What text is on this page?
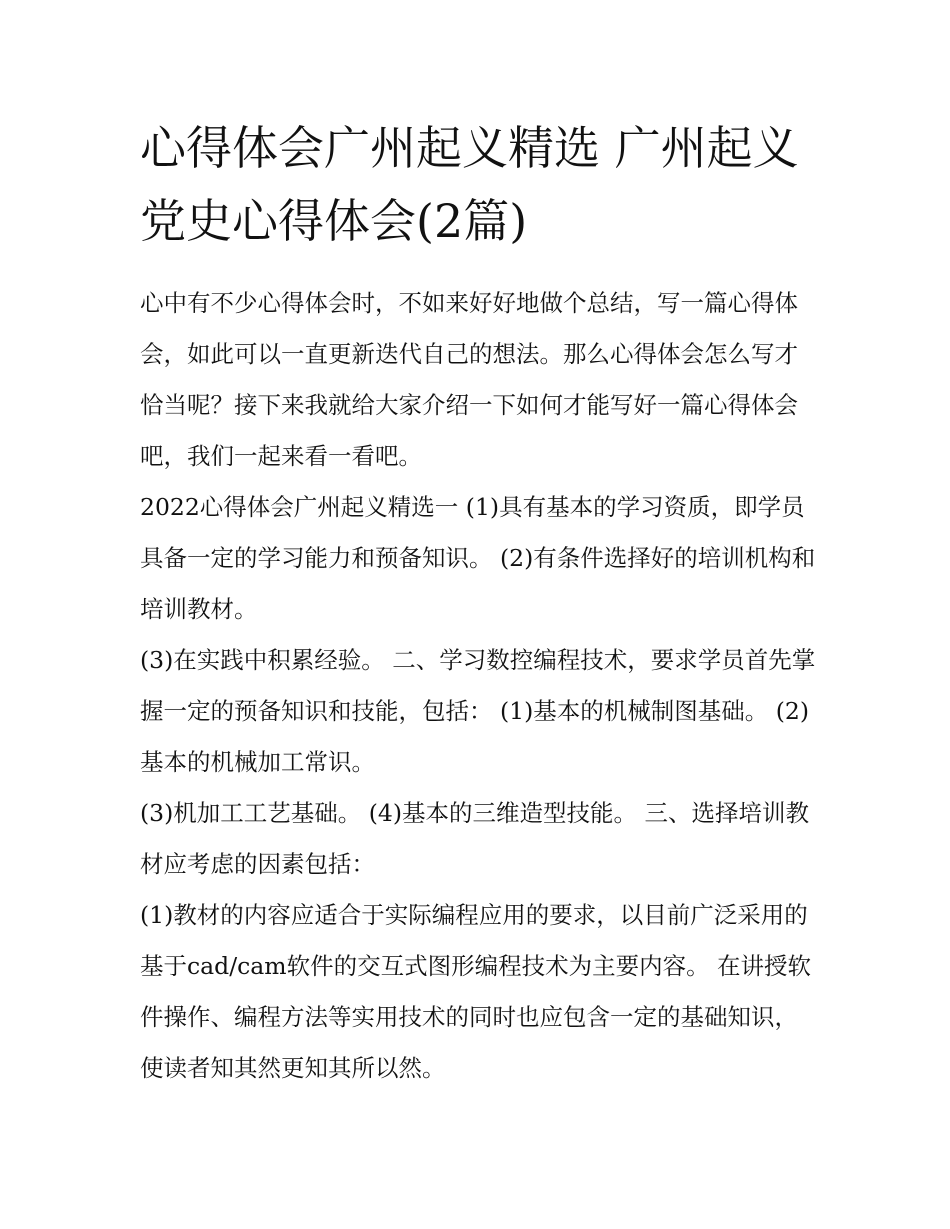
心得体会广州起义精选 广州起义党史心得体会(2篇)

心中有不少心得体会时，不如来好好地做个总结，写一篇心得体会，如此可以一直更新迭代自己的想法。那么心得体会怎么写才恰当呢？接下来我就给大家介绍一下如何才能写好一篇心得体会吧，我们一起来看一看吧。

2022心得体会广州起义精选一 (1)具有基本的学习资质，即学员具备一定的学习能力和预备知识。 (2)有条件选择好的培训机构和培训教材。

(3)在实践中积累经验。 二、学习数控编程技术，要求学员首先掌握一定的预备知识和技能，包括： (1)基本的机械制图基础。 (2)基本的机械加工常识。

(3)机加工工艺基础。 (4)基本的三维造型技能。 三、选择培训教材应考虑的因素包括：

(1)教材的内容应适合于实际编程应用的要求，以目前广泛采用的基于cad/cam软件的交互式图形编程技术为主要内容。 在讲授软件操作、编程方法等实用技术的同时也应包含一定的基础知识，使读者知其然更知其所以然。
